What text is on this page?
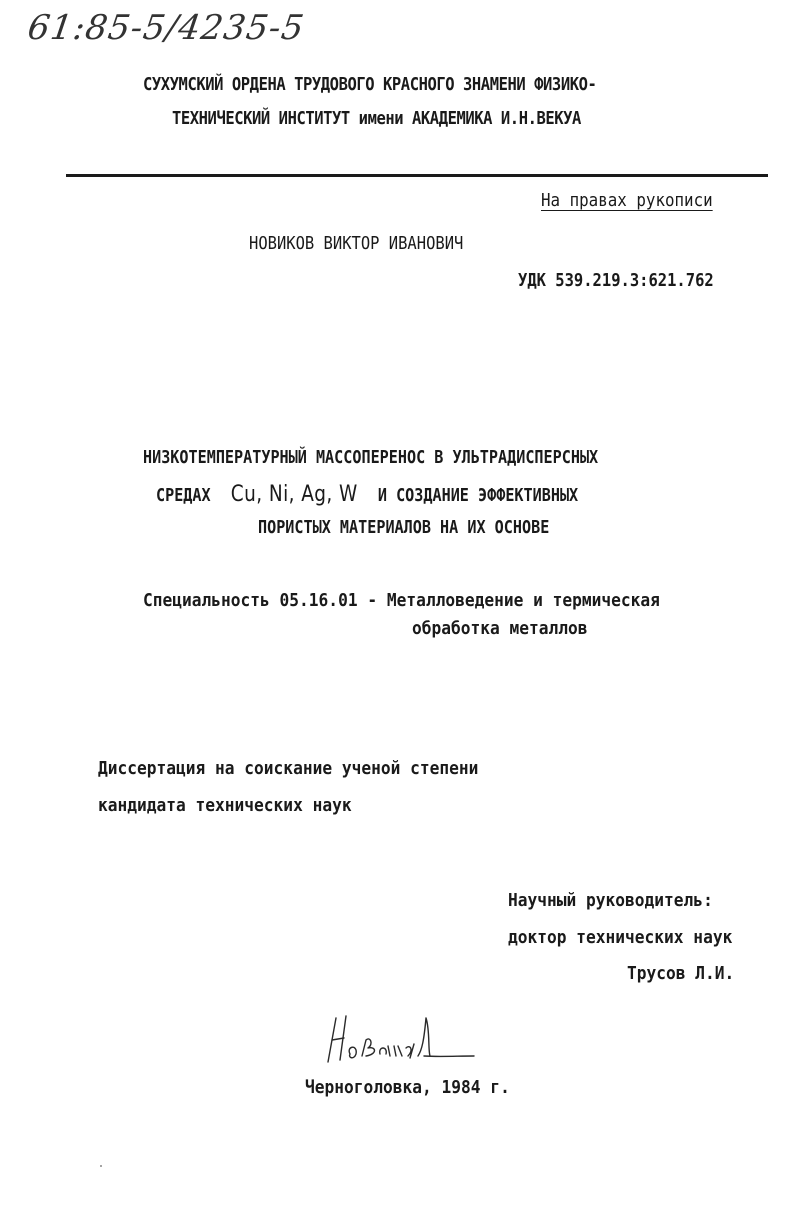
61:85-5/4235-5
СУХУМСКИЙ ОРДЕНА ТРУДОВОГО КРАСНОГО ЗНАМЕНИ ФИЗИКО-
ТЕХНИЧЕСКИЙ ИНСТИТУТ имени АКАДЕМИКА И.Н.ВЕКУА
На правах рукописи
НОВИКОВ ВИКТОР ИВАНОВИЧ
УДК 539.219.3:621.762
НИЗКОТЕМПЕРАТУРНЫЙ МАССОПЕРЕНОС В УЛЬТРАДИСПЕРСНЫХ
СРЕДАХ Cu, Ni, Ag, W И СОЗДАНИЕ ЭФФЕКТИВНЫХ
ПОРИСТЫХ МАТЕРИАЛОВ НА ИХ ОСНОВЕ
Специальность 05.16.01 - Металловедение и термическая
обработка металлов
Диссертация на соискание ученой степени
кандидата технических наук
Научный руководитель:
доктор технических наук
Трусов Л.И.
Черноголовка, 1984 г.
